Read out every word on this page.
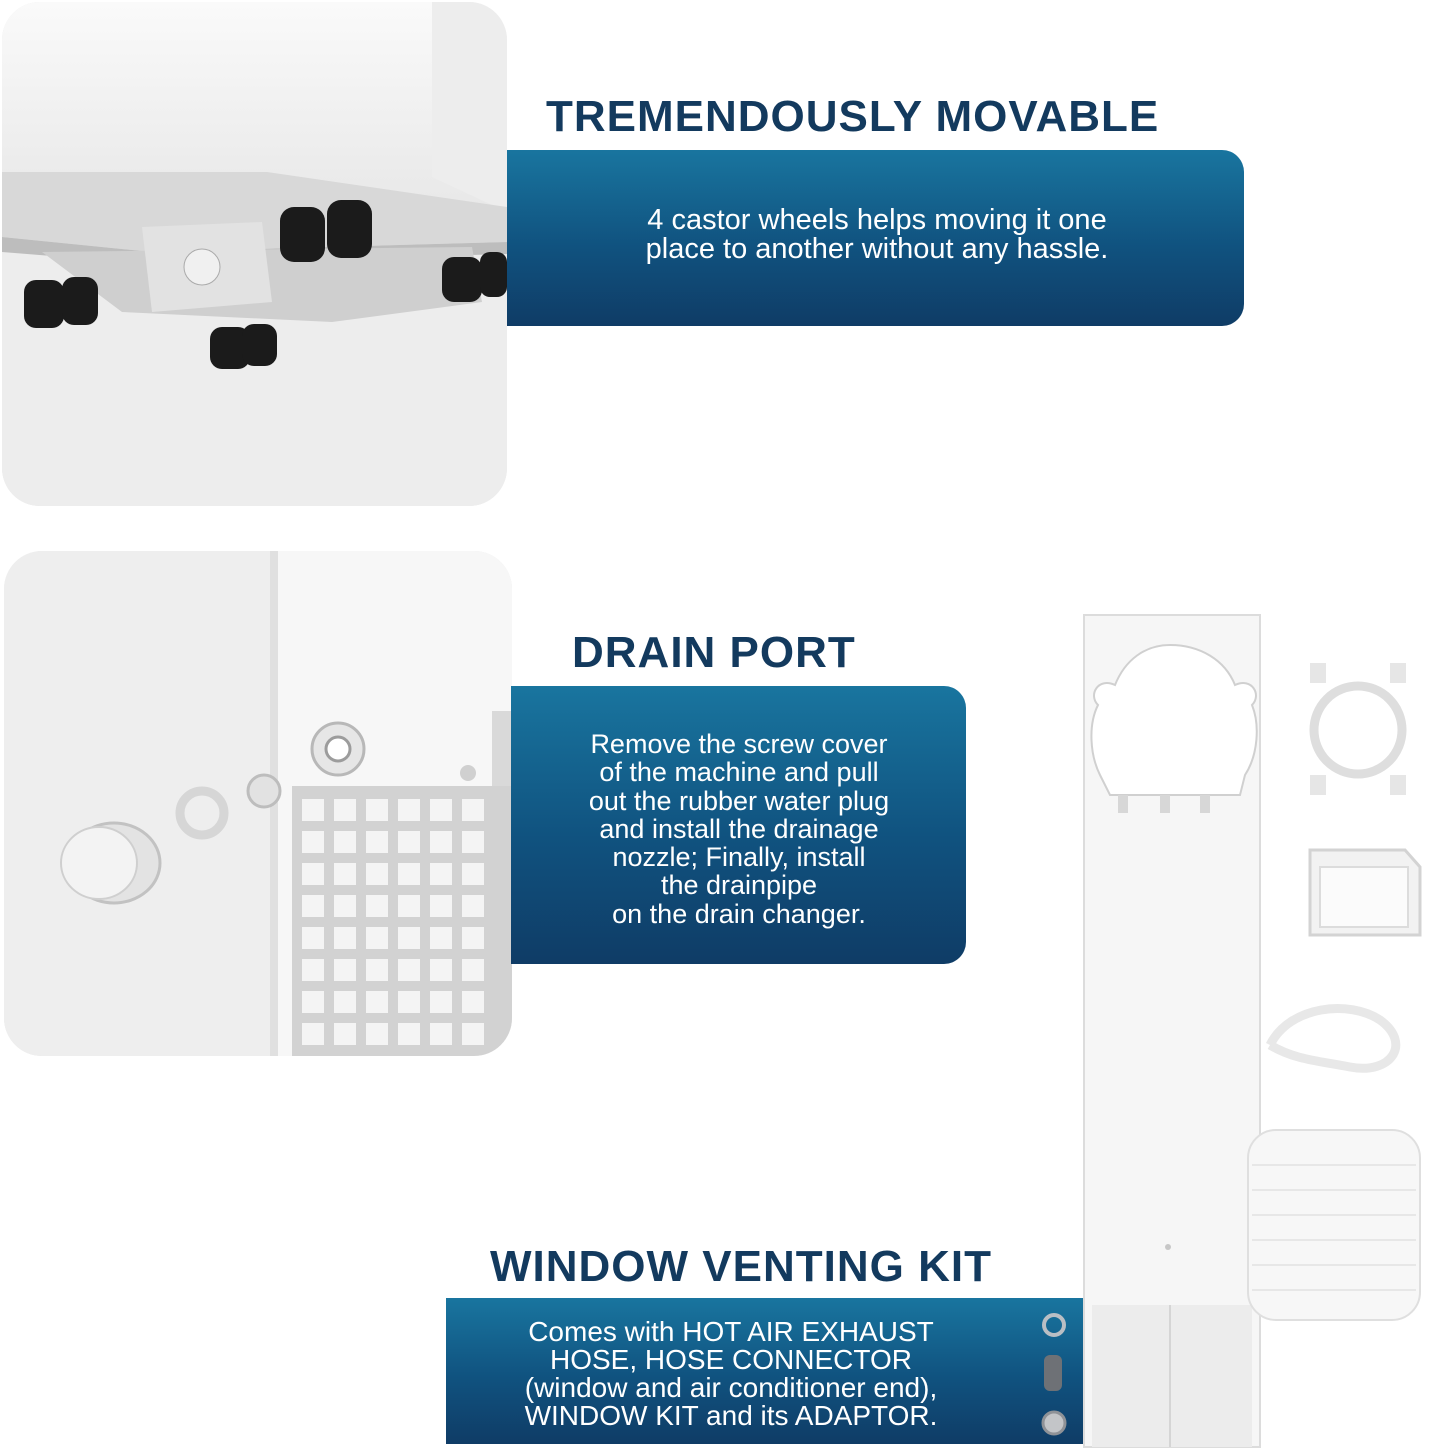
TREMENDOUSLY MOVABLE
4 castor wheels helps moving it one
place to another without any hassle.
DRAIN PORT
Remove the screw cover
of the machine and pull
out the rubber water plug
and install the drainage
nozzle; Finally, install
the drainpipe
on the drain changer.
WINDOW VENTING KIT
Comes with HOT AIR EXHAUST
HOSE, HOSE CONNECTOR
(window and air conditioner end),
WINDOW KIT and its ADAPTOR.
